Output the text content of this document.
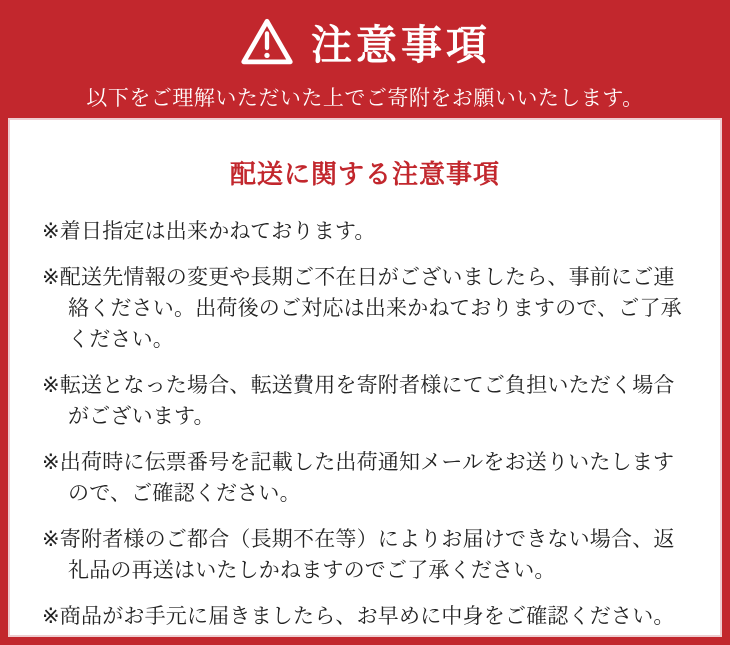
注意事項

以下をご理解いただいた上でご寄附をお願いいたします。

配送に関する注意事項

※着日指定は出来かねております。

※配送先情報の変更や長期ご不在日がございましたら、事前にご連絡ください。出荷後のご対応は出来かねておりますので、ご了承ください。

※転送となった場合、転送費用を寄附者様にてご負担いただく場合がございます。

※出荷時に伝票番号を記載した出荷通知メールをお送りいたしますので、ご確認ください。

※寄附者様のご都合（長期不在等）によりお届けできない場合、返礼品の再送はいたしかねますのでご了承ください。

※商品がお手元に届きましたら、お早めに中身をご確認ください。
